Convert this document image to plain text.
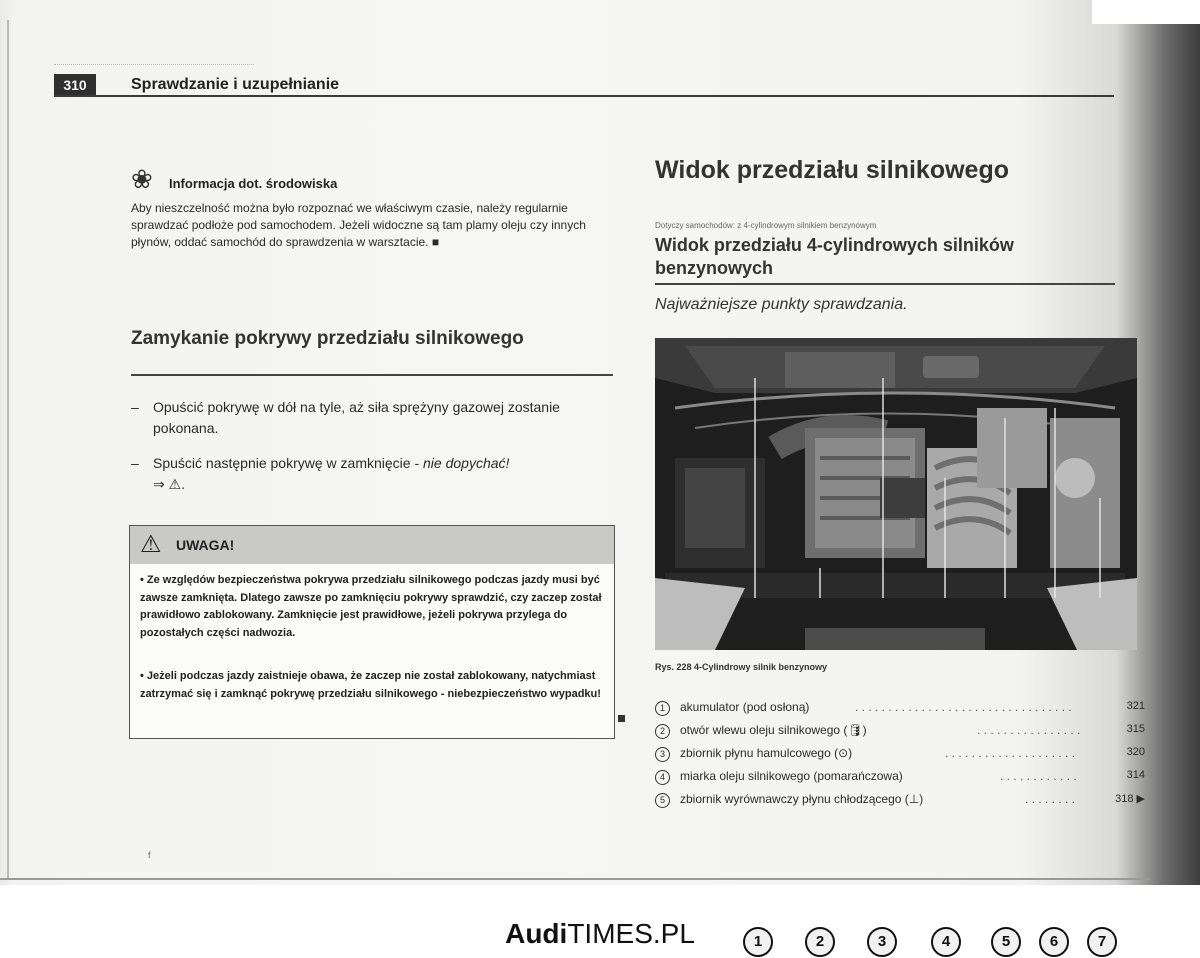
310	Sprawdzanie i uzupełnianie
❀ Informacja dot. środowiska
Aby nieszczelność można było rozpoznać we właściwym czasie, należy regularnie sprawdzać podłoże pod samochodem. Jeżeli widoczne są tam plamy oleju czy innych płynów, oddać samochód do sprawdzenia w warsztacie. ■
Zamykanie pokrywy przedziału silnikowego
– Opuścić pokrywę w dół na tyle, aż siła sprężyny gazowej zostanie pokonana.
– Spuścić następnie pokrywę w zamknięcie - nie dopychać!
⇒ ⚠.
⚠ UWAGA!
• Ze względów bezpieczeństwa pokrywa przedziału silnikowego podczas jazdy musi być zawsze zamknięta. Dlatego zawsze po zamknięciu pokrywy sprawdzić, czy zaczep został prawidłowo zablokowany. Zamknięcie jest prawidłowe, jeżeli pokrywa przylega do pozostałych części nadwozia.
• Jeżeli podczas jazdy zaistnieje obawa, że zaczep nie został zablokowany, natychmiast zatrzymać się i zamknąć pokrywę przedziału silnikowego - niebezpieczeństwo wypadku!
Widok przedziału silnikowego
Dotyczy samochodów: z 4-cylindrowym silnikiem benzynowym
Widok przedziału 4-cylindrowych silników benzynowych
Najważniejsze punkty sprawdzania.
1	2	3	4	5	6	7
Rys. 228 4-Cylindrowy silnik benzynowy
1	akumulator (pod osłoną)	. . . . . . . . . . . . . . . . . . . . . . . . . . . . . . . . .	321
2	otwór wlewu oleju silnikowego (🛢)	. . . . . . . . . . . . . . . .	315
3	zbiornik płynu hamulcowego (⊙)	. . . . . . . . . . . . . . . . . . . .	320
4	miarka oleju silnikowego (pomarańczowa)	. . . . . . . . . . . .	314
5	zbiornik wyrównawczy płynu chłodzącego (⊥)	. . . . . . . .	318 ▶
f
AudiTIMES.PL
